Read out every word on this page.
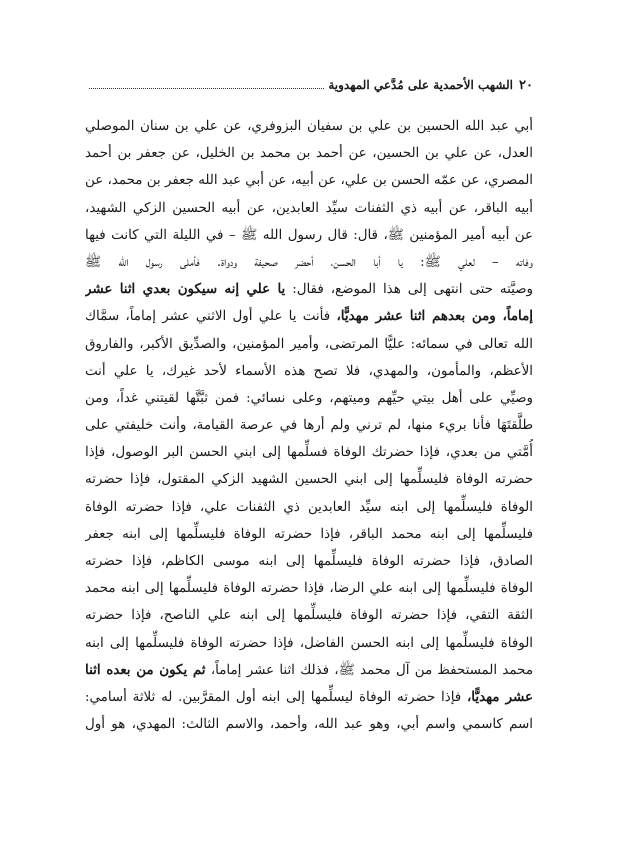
٢٠
الشهب الأحمدية على مُدَّعي المهدوية
أبي عبد الله الحسين بن علي بن سفيان البزوفري، عن علي بن سنان الموصلي
العدل، عن علي بن الحسين، عن أحمد بن محمد بن الخليل، عن جعفر بن أحمد
المصري، عن عمّه الحسن بن علي، عن أبيه، عن أبي عبد الله جعفر بن محمد، عن
أبيه الباقر، عن أبيه ذي الثفنات سيِّد العابدين، عن أبيه الحسين الزكي الشهيد،
عن أبيه أمير المؤمنين ﷺ، قال: قال رسول الله ﷺ – في الليلة التي كانت فيها
وفاته – لعلي ﷺ: يا أبا الحسن، أحضر صحيفة ودواة. فأملى رسول الله ﷺ
وصيَّته حتى انتهى إلى هذا الموضع، فقال: يا علي إنه سيكون بعدي اثنا عشر
إماماً، ومن بعدهم اثنا عشر مهديًّا، فأنت يا علي أول الاثني عشر إماماً، سمَّاك
الله تعالى في سمائه: عليًّا المرتضى، وأمير المؤمنين، والصدِّيق الأكبر، والفاروق
الأعظم، والمأمون، والمهدي، فلا تصح هذه الأسماء لأحد غيرك، يا علي أنت
وصيِّي على أهل بيتي حيِّهم وميتهم، وعلى نسائي: فمن ثبَّتَّها لقيتني غداً، ومن
طلَّقتَهَا فأنا بريء منها، لم ترني ولم أرها في عرصة القيامة، وأنت خليفتي على
أُمَّتي من بعدي، فإذا حضرتك الوفاة فسلِّمها إلى ابني الحسن البر الوصول، فإذا
حضرته الوفاة فليسلِّمها إلى ابني الحسين الشهيد الزكي المقتول، فإذا حضرته
الوفاة فليسلِّمها إلى ابنه سيِّد العابدين ذي الثفنات علي، فإذا حضرته الوفاة
فليسلِّمها إلى ابنه محمد الباقر، فإذا حضرته الوفاة فليسلِّمها إلى ابنه جعفر
الصادق، فإذا حضرته الوفاة فليسلِّمها إلى ابنه موسى الكاظم، فإذا حضرته
الوفاة فليسلِّمها إلى ابنه علي الرضا، فإذا حضرته الوفاة فليسلِّمها إلى ابنه محمد
الثقة التقي، فإذا حضرته الوفاة فليسلِّمها إلى ابنه علي الناصح، فإذا حضرته
الوفاة فليسلِّمها إلى ابنه الحسن الفاضل، فإذا حضرته الوفاة فليسلِّمها إلى ابنه
محمد المستحفظ من آل محمد ﷺ، فذلك اثنا عشر إماماً، ثم يكون من بعده اثنا
عشر مهديًّا، فإذا حضرته الوفاة ليسلِّمها إلى ابنه أول المقرَّبين. له ثلاثة أسامي:
اسم كاسمي واسم أبي، وهو عبد الله، وأحمد، والاسم الثالث: المهدي، هو أول
